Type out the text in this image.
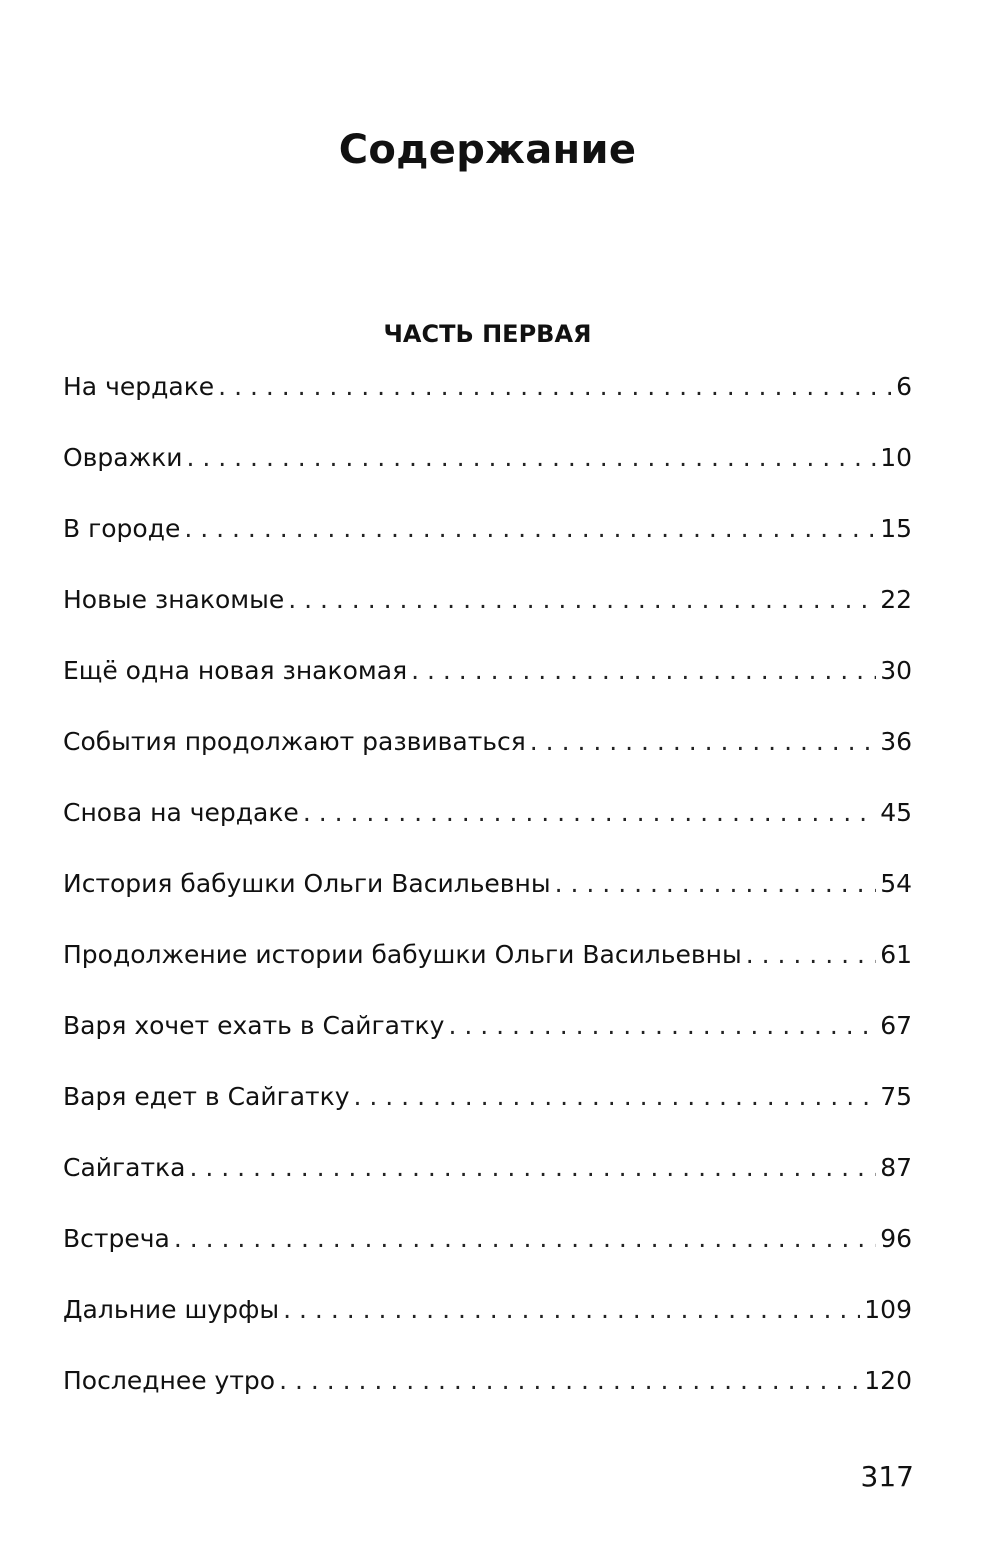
Содержание
ЧАСТЬ ПЕРВАЯ
На чердаке . . .	6
Овражки . . .	10
В городе . . .	15
Новые знакомые . . .	22
Ещё одна новая знакомая . . .	30
События продолжают развиваться . . .	36
Снова на чердаке . . .	45
История бабушки Ольги Васильевны . . .	54
Продолжение истории бабушки Ольги Васильевны . . .	61
Варя хочет ехать в Сайгатку . . .	67
Варя едет в Сайгатку . . .	75
Сайгатка . . .	87
Встреча . . .	96
Дальние шурфы . . .	109
Последнее утро . . .	120
317
